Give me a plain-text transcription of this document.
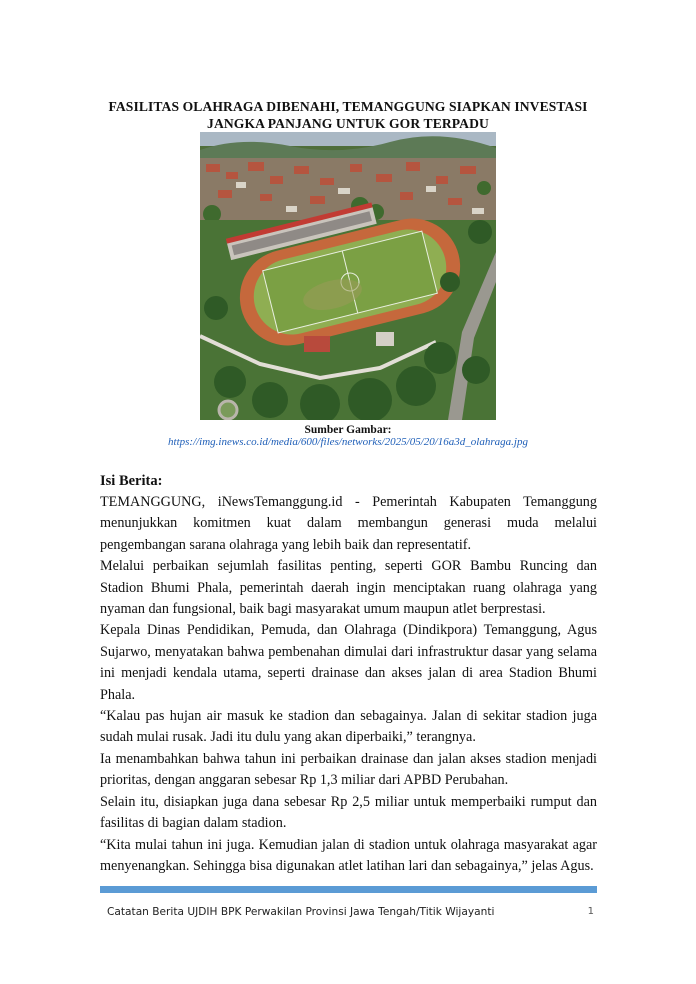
FASILITAS OLAHRAGA DIBENAHI, TEMANGGUNG SIAPKAN INVESTASI JANGKA PANJANG UNTUK GOR TERPADU
Sumber Gambar:
https://img.inews.co.id/media/600/files/networks/2025/05/20/16a3d_olahraga.jpg
Isi Berita:

TEMANGGUNG, iNewsTemanggung.id - Pemerintah Kabupaten Temanggung menunjukkan komitmen kuat dalam membangun generasi muda melalui pengembangan sarana olahraga yang lebih baik dan representatif.

Melalui perbaikan sejumlah fasilitas penting, seperti GOR Bambu Runcing dan Stadion Bhumi Phala, pemerintah daerah ingin menciptakan ruang olahraga yang nyaman dan fungsional, baik bagi masyarakat umum maupun atlet berprestasi.

Kepala Dinas Pendidikan, Pemuda, dan Olahraga (Dindikpora) Temanggung, Agus Sujarwo, menyatakan bahwa pembenahan dimulai dari infrastruktur dasar yang selama ini menjadi kendala utama, seperti drainase dan akses jalan di area Stadion Bhumi Phala.

“Kalau pas hujan air masuk ke stadion dan sebagainya. Jalan di sekitar stadion juga sudah mulai rusak. Jadi itu dulu yang akan diperbaiki,” terangnya.

Ia menambahkan bahwa tahun ini perbaikan drainase dan jalan akses stadion menjadi prioritas, dengan anggaran sebesar Rp 1,3 miliar dari APBD Perubahan.

Selain itu, disiapkan juga dana sebesar Rp 2,5 miliar untuk memperbaiki rumput dan fasilitas di bagian dalam stadion.

“Kita mulai tahun ini juga. Kemudian jalan di stadion untuk olahraga masyarakat agar menyenangkan. Sehingga bisa digunakan atlet latihan lari dan sebagainya,” jelas Agus.

Catatan Berita UJDIH BPK Perwakilan Provinsi Jawa Tengah/Titik Wijayanti	1
